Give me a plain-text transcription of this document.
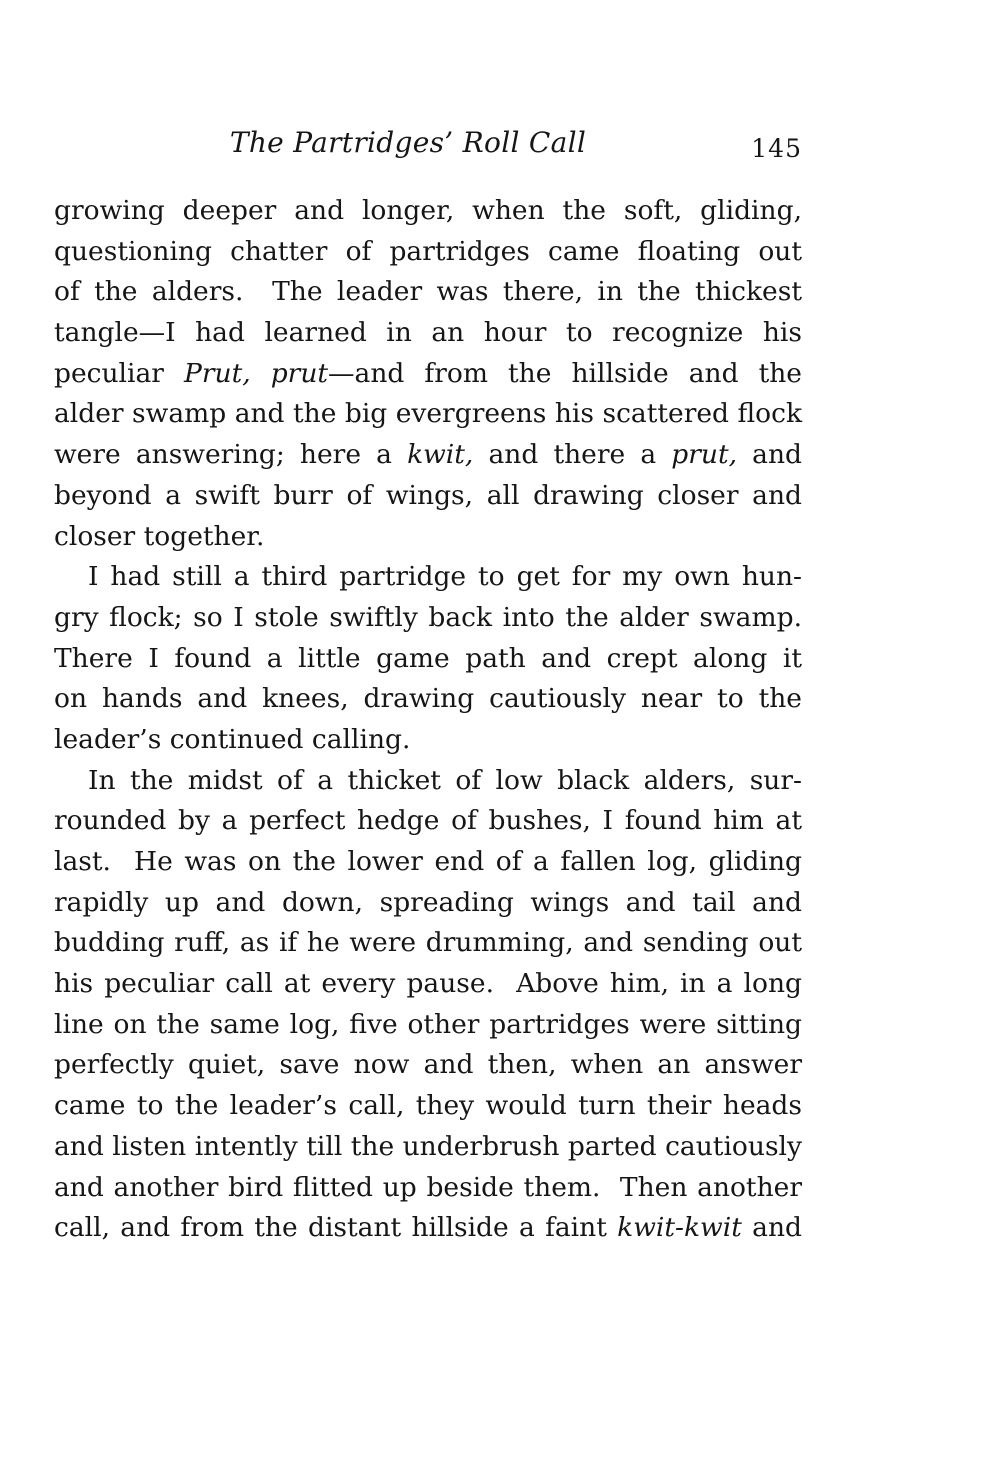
The Partridges’ Roll Call	145
growing deeper and longer, when the soft, gliding,
questioning chatter of partridges came floating out
of the alders.  The leader was there, in the thickest
tangle—I had learned in an hour to recognize his
peculiar Prut, prut—and from the hillside and the
alder swamp and the big evergreens his scattered flock
were answering; here a kwit, and there a prut, and
beyond a swift burr of wings, all drawing closer and
closer together.
I had still a third partridge to get for my own hun-
gry flock; so I stole swiftly back into the alder swamp.
There I found a little game path and crept along it
on hands and knees, drawing cautiously near to the
leader’s continued calling.
In the midst of a thicket of low black alders, sur-
rounded by a perfect hedge of bushes, I found him at
last.  He was on the lower end of a fallen log, gliding
rapidly up and down, spreading wings and tail and
budding ruff, as if he were drumming, and sending out
his peculiar call at every pause.  Above him, in a long
line on the same log, five other partridges were sitting
perfectly quiet, save now and then, when an answer
came to the leader’s call, they would turn their heads
and listen intently till the underbrush parted cautiously
and another bird flitted up beside them.  Then another
call, and from the distant hillside a faint kwit-kwit and
